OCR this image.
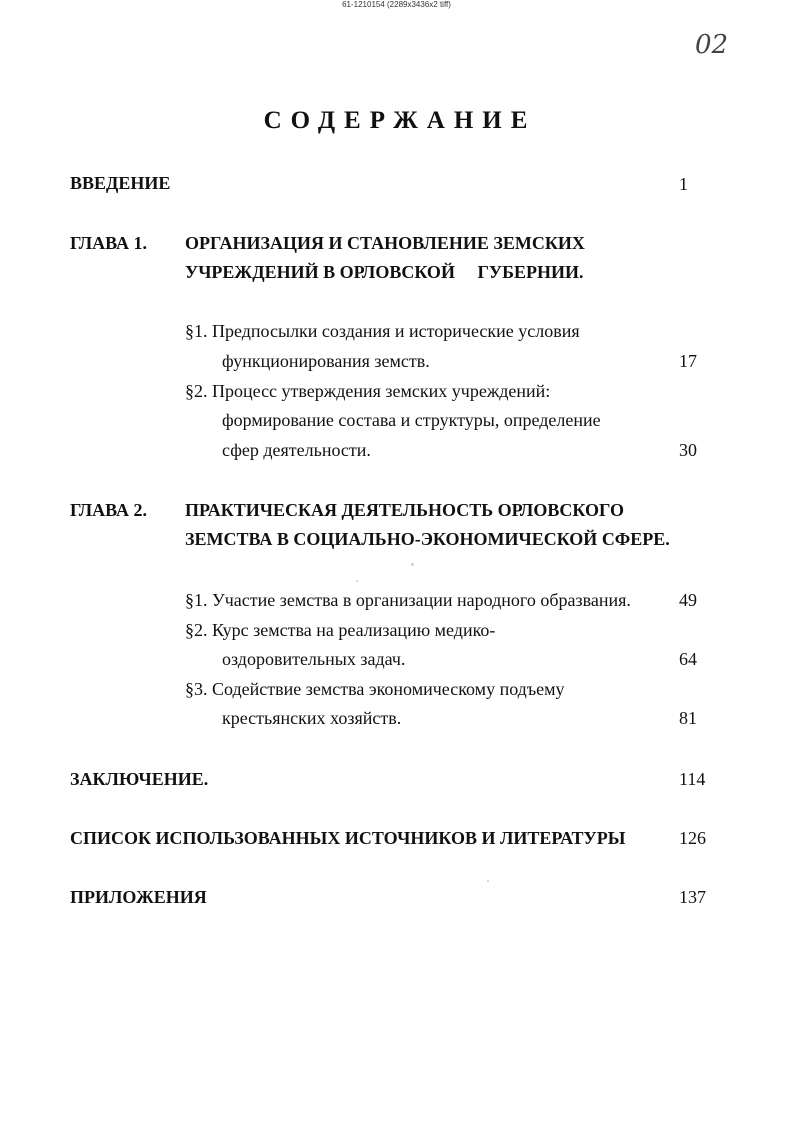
61-1210154 (2289x3436x2 tiff)
02
СОДЕРЖАНИЕ
ВВЕДЕНИЕ	1
ГЛАВА 1. ОРГАНИЗАЦИЯ И СТАНОВЛЕНИЕ ЗЕМСКИХ
УЧРЕЖДЕНИЙ В ОРЛОВСКОЙ     ГУБЕРНИИ.
§1. Предпосылки создания и исторические условия
функционирования земств.	17
§2. Процесс утверждения земских учреждений:
формирование состава и структуры, определение
сфер деятельности.	30
ГЛАВА 2. ПРАКТИЧЕСКАЯ ДЕЯТЕЛЬНОСТЬ ОРЛОВСКОГО
ЗЕМСТВА В СОЦИАЛЬНО-ЭКОНОМИЧЕСКОЙ СФЕРЕ.
§1. Участие земства в организации народного образвания.	49
§2. Курс земства на реализацию медико-
оздоровительных задач.	64
§3. Содействие земства экономическому подъему
крестьянских хозяйств.	81
ЗАКЛЮЧЕНИЕ.	114
СПИСОК ИСПОЛЬЗОВАННЫХ ИСТОЧНИКОВ И ЛИТЕРАТУРЫ	126
ПРИЛОЖЕНИЯ	137
